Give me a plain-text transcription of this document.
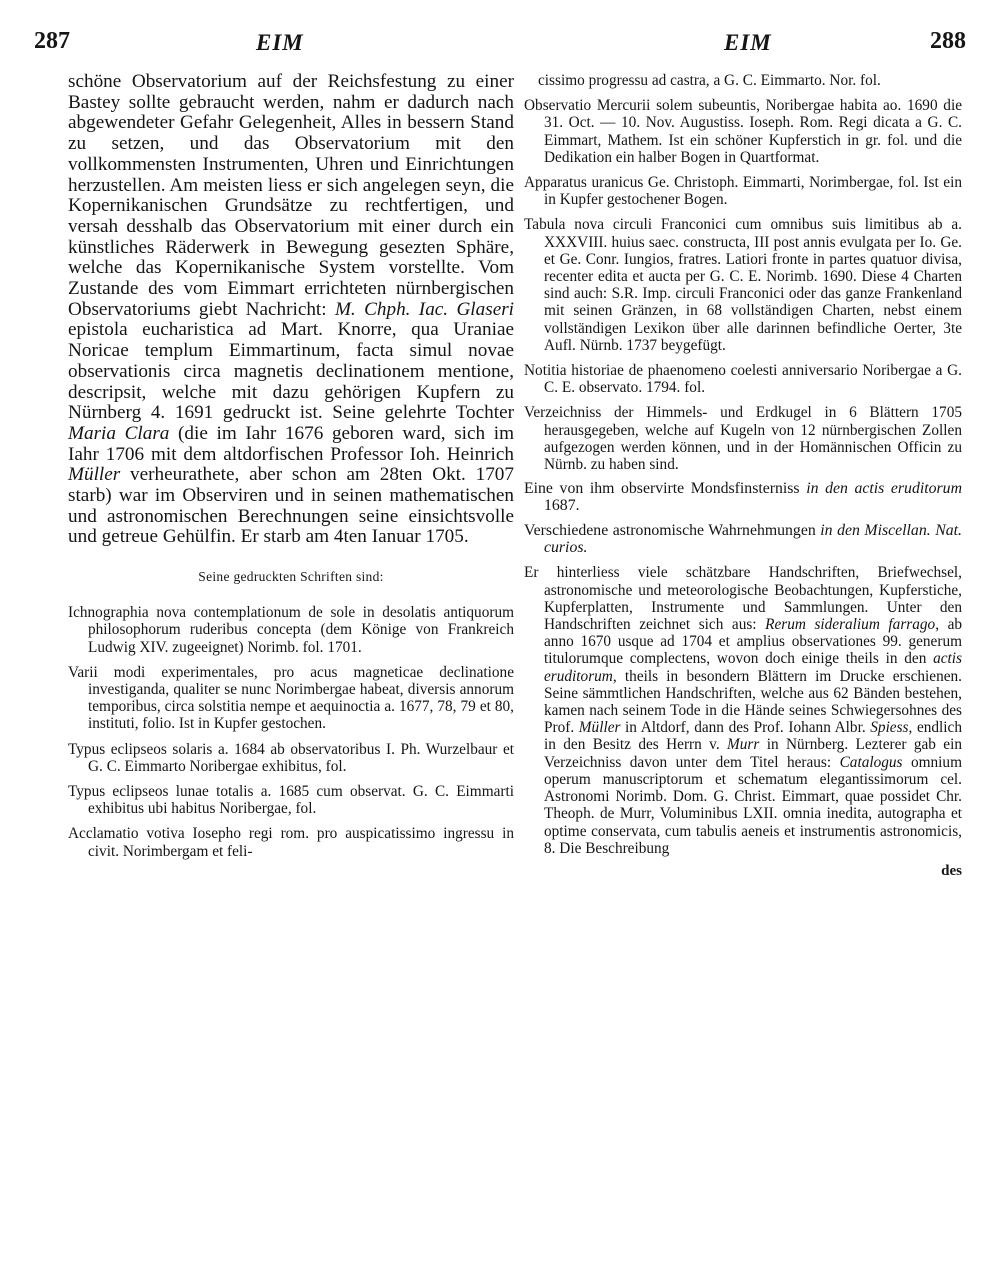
287	EIM	EIM	288

schöne Observatorium auf der Reichsfestung zu einer Bastey sollte gebraucht werden, nahm er dadurch nach abgewendeter Gefahr Gelegenheit, Alles in bessern Stand zu setzen, und das Observatorium mit den vollkommensten Instrumenten, Uhren und Einrichtungen herzustellen. Am meisten liess er sich angelegen seyn, die Kopernikanischen Grundsätze zu rechtfertigen, und versah desshalb das Observatorium mit einer durch ein künstliches Räderwerk in Bewegung gesezten Sphäre, welche das Kopernikanische System vorstellte. Vom Zustande des vom Eimmart errichteten nürnbergischen Observatoriums giebt Nachricht: M. Chph. Iac. Glaseri epistola eucharistica ad Mart. Knorre, qua Uraniae Noricae templum Eimmartinum, facta simul novae observationis circa magnetis declinationem mentione, descripsit, welche mit dazu gehörigen Kupfern zu Nürnberg 4. 1691 gedruckt ist. Seine gelehrte Tochter Maria Clara (die im Iahr 1676 geboren ward, sich im Iahr 1706 mit dem altdorfischen Professor Ioh. Heinrich Müller verheurathete, aber schon am 28ten Okt. 1707 starb) war im Observiren und in seinen mathematischen und astronomischen Berechnungen seine einsichtsvolle und getreue Gehülfin. Er starb am 4ten Ianuar 1705.

Seine gedruckten Schriften sind:
Ichnographia nova contemplationum de sole in desolatis antiquorum philosophorum ruderibus concepta (dem Könige von Frankreich Ludwig XIV. zugeeignet) Norimb. fol. 1701.
Varii modi experimentales, pro acus magneticae declinatione investiganda, qualiter se nunc Norimbergae habeat, diversis annorum temporibus, circa solstitia nempe et aequinoctia a. 1677, 78, 79 et 80, instituti, folio. Ist in Kupfer gestochen.
Typus eclipseos solaris a. 1684 ab observatoribus I. Ph. Wurzelbaur et G. C. Eimmarto Noribergae exhibitus, fol.
Typus eclipseos lunae totalis a. 1685 cum observat. G. C. Eimmarti exhibitus ubi habitus Noribergae, fol.
Acclamatio votiva Iosepho regi rom. pro auspicatissimo ingressu in civit. Norimbergam et feli-
cissimo progressu ad castra, a G. C. Eimmarto. Nor. fol.
Observatio Mercurii solem subeuntis, Noribergae habita ao. 1690 die 31. Oct. — 10. Nov. Augustiss. Ioseph. Rom. Regi dicata a G. C. Eimmart, Mathem. Ist ein schöner Kupferstich in gr. fol. und die Dedikation ein halber Bogen in Quartformat.
Apparatus uranicus Ge. Christoph. Eimmarti, Norimbergae, fol. Ist ein in Kupfer gestochener Bogen.
Tabula nova circuli Franconici cum omnibus suis limitibus ab a. XXXVIII. huius saec. constructa, III post annis evulgata per Io. Ge. et Ge. Conr. Iungios, fratres. Latiori fronte in partes quatuor divisa, recenter edita et aucta per G. C. E. Norimb. 1690. Diese 4 Charten sind auch: S.R. Imp. circuli Franconici oder das ganze Frankenland mit seinen Gränzen, in 68 vollständigen Charten, nebst einem vollständigen Lexikon über alle darinnen befindliche Oerter, 3te Aufl. Nürnb. 1737 beygefügt.
Notitia historiae de phaenomeno coelesti anniversario Noribergae a G. C. E. observato. 1794. fol.
Verzeichniss der Himmels- und Erdkugel in 6 Blättern 1705 herausgegeben, welche auf Kugeln von 12 nürnbergischen Zollen aufgezogen werden können, und in der Homännischen Officin zu Nürnb. zu haben sind.
Eine von ihm observirte Mondsfinsterniss in den actis eruditorum 1687.
Verschiedene astronomische Wahrnehmungen in den Miscellan. Nat. curios.
Er hinterliess viele schätzbare Handschriften, Briefwechsel, astronomische und meteorologische Beobachtungen, Kupferstiche, Kupferplatten, Instrumente und Sammlungen. Unter den Handschriften zeichnet sich aus: Rerum sideralium farrago, ab anno 1670 usque ad 1704 et amplius observationes 99. generum titulorumque complectens, wovon doch einige theils in den actis eruditorum, theils in besondern Blättern im Drucke erschienen. Seine sämmtlichen Handschriften, welche aus 62 Bänden bestehen, kamen nach seinem Tode in die Hände seines Schwiegersohnes des Prof. Müller in Altdorf, dann des Prof. Iohann Albr. Spiess, endlich in den Besitz des Herrn v. Murr in Nürnberg. Lezterer gab ein Verzeichniss davon unter dem Titel heraus: Catalogus omnium operum manuscriptorum et schematum elegantissimorum cel. Astronomi Norimb. Dom. G. Christ. Eimmart, quae possidet Chr. Theoph. de Murr, Voluminibus LXII. omnia inedita, autographa et optime conservata, cum tabulis aeneis et instrumentis astronomicis, 8. Die Beschreibung
des
